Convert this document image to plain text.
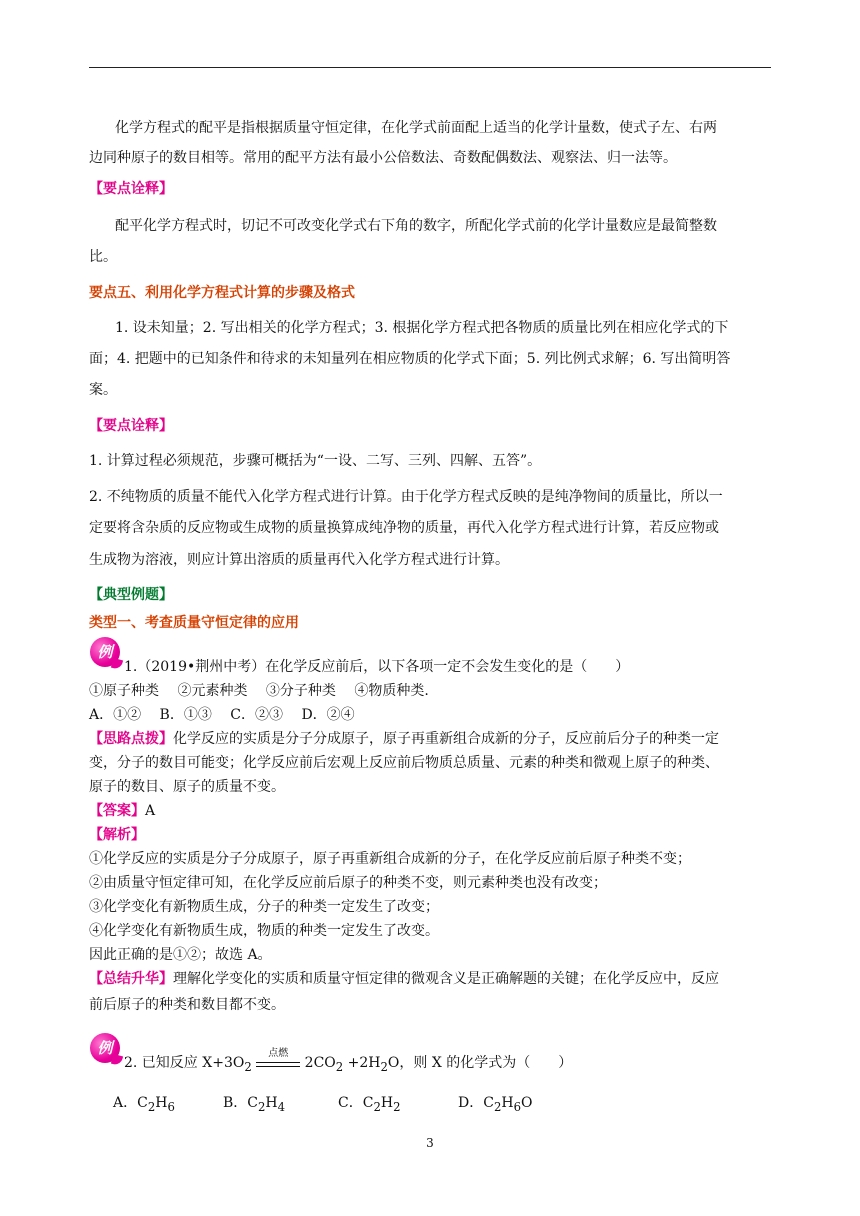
化学方程式的配平是指根据质量守恒定律，在化学式前面配上适当的化学计量数，使式子左、右两
边同种原子的数目相等。常用的配平方法有最小公倍数法、奇数配偶数法、观察法、归一法等。
【要点诠释】
配平化学方程式时，切记不可改变化学式右下角的数字，所配化学式前的化学计量数应是最简整数
比。
要点五、利用化学方程式计算的步骤及格式
1. 设未知量；2. 写出相关的化学方程式；3. 根据化学方程式把各物质的质量比列在相应化学式的下
面；4. 把题中的已知条件和待求的未知量列在相应物质的化学式下面；5. 列比例式求解；6. 写出简明答
案。
【要点诠释】
1. 计算过程必须规范，步骤可概括为“一设、二写、三列、四解、五答”。
2. 不纯物质的质量不能代入化学方程式进行计算。由于化学方程式反映的是纯净物间的质量比，所以一
定要将含杂质的反应物或生成物的质量换算成纯净物的质量，再代入化学方程式进行计算，若反应物或
生成物为溶液，则应计算出溶质的质量再代入化学方程式进行计算。
【典型例题】
类型一、考查质量守恒定律的应用
例
1.（2019•荆州中考）在化学反应前后，以下各项一定不会发生变化的是（　　）
①原子种类　 ②元素种类　 ③分子种类　 ④物质种类.
A．①②　 B．①③　 C．②③　 D．②④
【思路点拨】化学反应的实质是分子分成原子，原子再重新组合成新的分子，反应前后分子的种类一定
变，分子的数目可能变；化学反应前后宏观上反应前后物质总质量、元素的种类和微观上原子的种类、
原子的数目、原子的质量不变。
【答案】A
【解析】
①化学反应的实质是分子分成原子，原子再重新组合成新的分子，在化学反应前后原子种类不变；
②由质量守恒定律可知，在化学反应前后原子的种类不变，则元素种类也没有改变；
③化学变化有新物质生成，分子的种类一定发生了改变；
④化学变化有新物质生成，物质的种类一定发生了改变。
因此正确的是①②；故选 A。
【总结升华】理解化学变化的实质和质量守恒定律的微观含义是正确解题的关键；在化学反应中，反应
前后原子的种类和数目都不变。
例
2. 已知反应 $X+3O_2$
点燃
$2CO_2 +2H_2O$，则 X 的化学式为（　　）
A．$C_2H_6$	B．$C_2H_4$	C．$C_2H_2$	D．$C_2H_6O$
3
